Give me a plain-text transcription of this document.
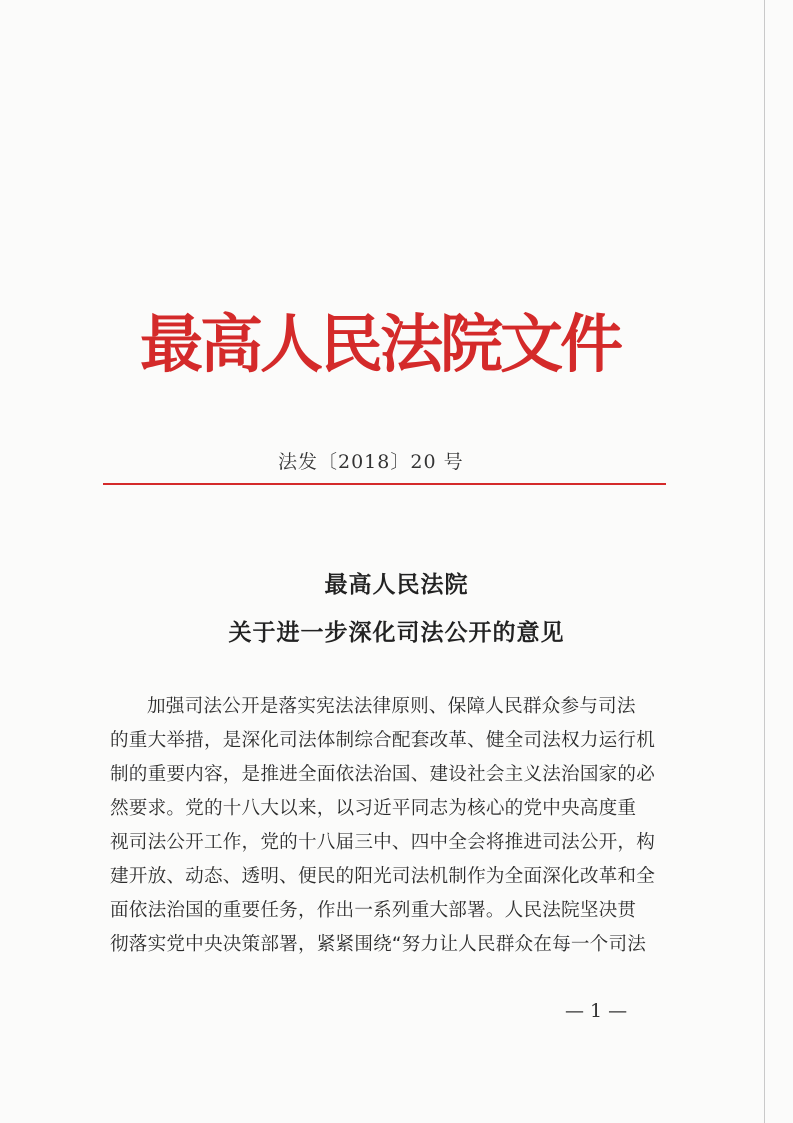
最高人民法院文件
法发〔2018〕20 号
最高人民法院
关于进一步深化司法公开的意见
加强司法公开是落实宪法法律原则、保障人民群众参与司法
的重大举措，是深化司法体制综合配套改革、健全司法权力运行机
制的重要内容，是推进全面依法治国、建设社会主义法治国家的必
然要求。党的十八大以来，以习近平同志为核心的党中央高度重
视司法公开工作，党的十八届三中、四中全会将推进司法公开，构
建开放、动态、透明、便民的阳光司法机制作为全面深化改革和全
面依法治国的重要任务，作出一系列重大部署。人民法院坚决贯
彻落实党中央决策部署，紧紧围绕“努力让人民群众在每一个司法
— 1 —
